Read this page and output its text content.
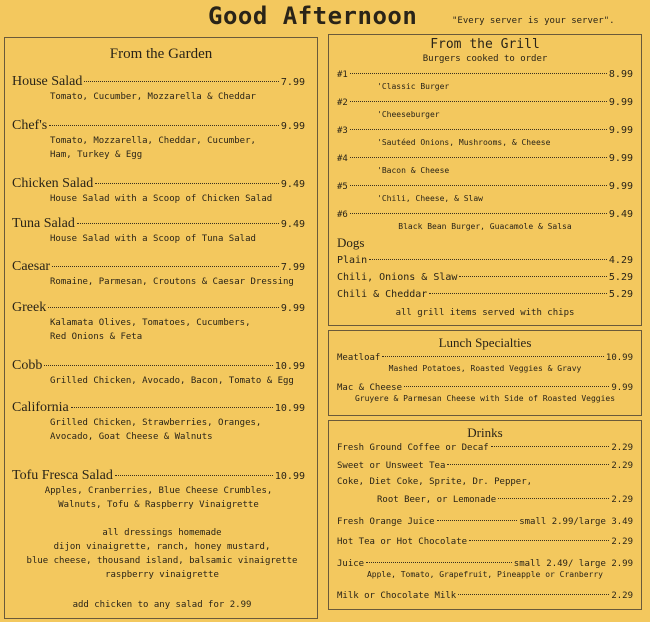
Good Afternoon	"Every server is your server".
From the Garden
House Salad	7.99
Tomato, Cucumber, Mozzarella & Cheddar
Chef's	9.99
Tomato, Mozzarella, Cheddar, Cucumber,
Ham, Turkey & Egg
Chicken Salad	9.49
House Salad with a Scoop of Chicken Salad
Tuna Salad	9.49
House Salad with a Scoop of Tuna Salad
Caesar	7.99
Romaine, Parmesan, Croutons & Caesar Dressing
Greek	9.99
Kalamata Olives, Tomatoes, Cucumbers,
Red Onions & Feta
Cobb	10.99
Grilled Chicken, Avocado, Bacon, Tomato & Egg
California	10.99
Grilled Chicken, Strawberries, Oranges,
Avocado, Goat Cheese & Walnuts
Tofu Fresca Salad	10.99
Apples, Cranberries, Blue Cheese Crumbles,
Walnuts, Tofu & Raspberry Vinaigrette
all dressings homemade
dijon vinaigrette, ranch, honey mustard,
blue cheese, thousand island, balsamic vinaigrette
raspberry vinaigrette
add chicken to any salad for 2.99
From the Grill
Burgers cooked to order
#1	8.99
'Classic Burger
#2	9.99
'Cheeseburger
#3	9.99
'Sautéed Onions, Mushrooms, & Cheese
#4	9.99
'Bacon & Cheese
#5	9.99
'Chili, Cheese, & Slaw
#6	9.49
Black Bean Burger, Guacamole & Salsa
Dogs
Plain	4.29
Chili, Onions & Slaw	5.29
Chili & Cheddar	5.29
all grill items served with chips
Lunch Specialties
Meatloaf	10.99
Mashed Potatoes, Roasted Veggies & Gravy
Mac & Cheese	9.99
Gruyere & Parmesan Cheese with Side of Roasted Veggies
Drinks
Fresh Ground Coffee or Decaf	2.29
Sweet or Unsweet Tea	2.29
Coke, Diet Coke, Sprite, Dr. Pepper,
Root Beer, or Lemonade	2.29
Fresh Orange Juice	small 2.99/large 3.49
Hot Tea or Hot Chocolate	2.29
Juice	small 2.49/ large 2.99
Apple, Tomato, Grapefruit, Pineapple or Cranberry
Milk or Chocolate Milk	2.29
